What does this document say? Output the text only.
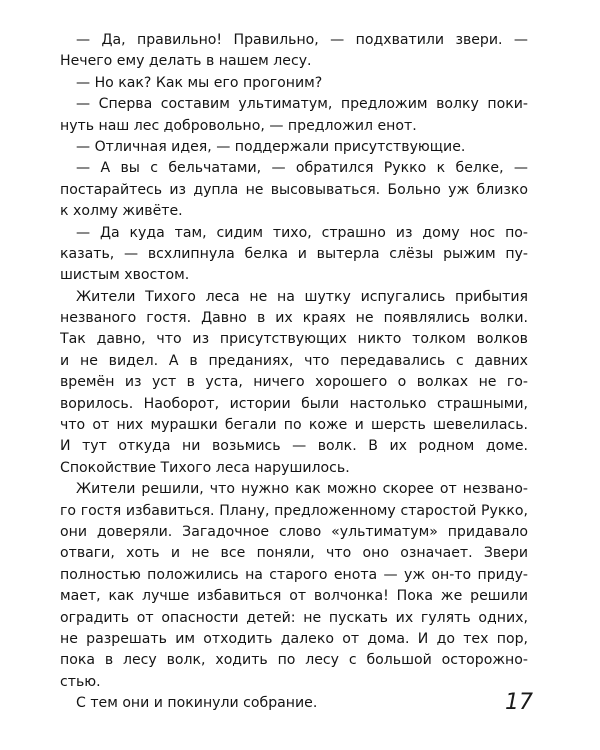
— Да, правильно! Правильно, — подхватили звери. —
Нечего ему делать в нашем лесу.
— Но как? Как мы его прогоним?
— Сперва составим ультиматум, предложим волку поки-
нуть наш лес добровольно, — предложил енот.
— Отличная идея, — поддержали присутствующие.
— А вы с бельчатами, — обратился Рукко к белке, —
постарайтесь из дупла не высовываться. Больно уж близко
к холму живёте.
— Да куда там, сидим тихо, страшно из дому нос по-
казать, — всхлипнула белка и вытерла слёзы рыжим пу-
шистым хвостом.
Жители Тихого леса не на шутку испугались прибытия
незваного гостя. Давно в их краях не появлялись волки.
Так давно, что из присутствующих никто толком волков
и не видел. А в преданиях, что передавались с давних
времён из уст в уста, ничего хорошего о волках не го-
ворилось. Наоборот, истории были настолько страшными,
что от них мурашки бегали по коже и шерсть шевелилась.
И тут откуда ни возьмись — волк. В их родном доме.
Спокойствие Тихого леса нарушилось.
Жители решили, что нужно как можно скорее от незвано-
го гостя избавиться. Плану, предложенному старостой Рукко,
они доверяли. Загадочное слово «ультиматум» придавало
отваги, хоть и не все поняли, что оно означает. Звери
полностью положились на старого енота — уж он-то приду-
мает, как лучше избавиться от волчонка! Пока же решили
оградить от опасности детей: не пускать их гулять одних,
не разрешать им отходить далеко от дома. И до тех пор,
пока в лесу волк, ходить по лесу с большой осторожно-
стью.
С тем они и покинули собрание.	17
